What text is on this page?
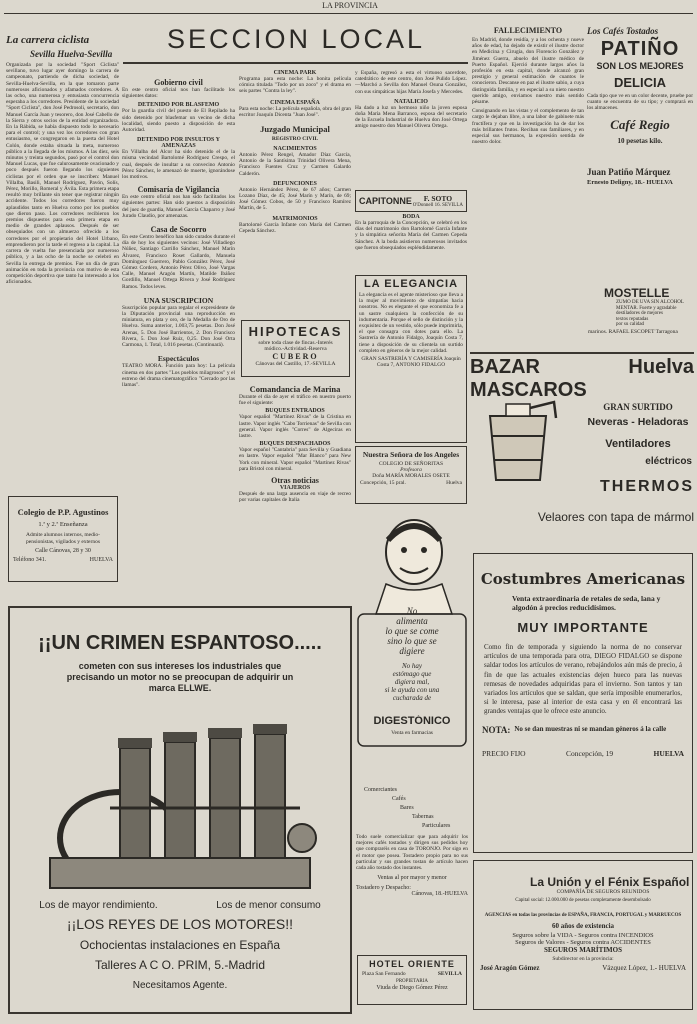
LA PROVINCIA
La carrera ciclista
Sevilla Huelva-Sevilla
Organizada por la sociedad "Sport Ciclista" sevillano, tuvo lugar ayer domingo la carrera de campeonato, partiendo de dicha sociedad, de Sevilla-Huelva-Sevilla, en la que tomaron parte numerosos aficionados y afamados corredores. A las ocho, una numerosa y entusiasta concurrencia esperaba a los corredores. Presidente de la sociedad "Sport Ciclista", don José Pedrosoli, secretario, don Manuel García Juan y tesorero, don José Cabello de la Sierra y otros socios de la entidad organizadora. En la Rábida, se había dispuesto todo lo necesario para el control; y una vez los corredores con gran entusiasmo, se congregaron en la puerta del Hotel Colón, donde estaba situada la meta, numeroso público a la llegada de los mismos. A las diez, seis minutos y treinta segundos, pasó por el control don Manuel Lucas, que fue calurosamente ovacionado y poco después fueron llegando los siguientes ciclistas por el orden que se inscriben: Manuel Villalba, Basili, Manuel Rodríguez, Pavón, Solís, Pérez, Morillo, Romeral y Ávila. Esta primera etapa resultó muy brillante sin tener que registrar ningún accidente. Todos los corredores fueron muy aplaudidos tanto en Huelva como por los pueblos que dieron paso. Los corredores recibieron los premios dispuestos para esta primera etapa en medio de grandes aplausos. Después de ser obsequiados con un almuerzo ofrecido a los corredores por el propietario del Hotel Urbano, emprendieron por la tarde el regreso a la capital. La carrera de vuelta fue presenciada por numeroso público, y a las ocho de la noche se celebró en Sevilla la entrega de premios. Fue un día de gran animación en toda la provincia con motivo de esta competición deportiva que tanto ha interesado a los aficionados.
Colegio de P.P. Agustinos
1.ª y 2.ª Enseñanza
Admite alumnos internos, medio-pensionistas, vigilados y externos
Calle Cánovas, 28 y 30
Teléfono 341.	HUELVA
SECCION LOCAL
Gobierno civil
En este centro oficial nos han facilitado los siguientes datos:
DETENIDO POR BLASFEMO
Por la guardia civil del puesto de El Repilado ha sido detenido por blasfemar un vecino de dicha localidad, siendo puesto a disposición de esta Autoridad.
DETENIDO POR INSULTOS Y AMENAZAS
En Villalba del Alcor ha sido detenido el de la misma vecindad Bartolomé Rodríguez Crespo, el cual, después de insultar a su convecino Antonio Pérez Sánchez, le amenazó de muerte, ignorándose los motivos.
Comisaría de Vigilancia
En este centro oficial nos han sido facilitados los siguientes partes: Han sido puestos a disposición del juez de guardia, Manuel García Chaparro y José Jurado Claudio, por amenazas.
Casa de Socorro
En este Centro benéfico han sido curados durante el día de hoy los siguientes vecinos: José Villadiego Núñez, Santiago Carrillo Sánchez, Manuel Marín Álvarez, Francisco Roset Gallardo, Manuela Domínguez Guerrero, Pablo González Pérez, José Gómez Cordero, Antonio Pérez Olivo, José Vargas Calle, Manuel Aragón Martín, Matilde Ibáñez Gordillo, Manuel Ortega Rivera y José Rodríguez Ramos. Todos leves.
UNA SUSCRIPCION
Suscripción popular para regalar el expresidente de la Diputación provincial una reproducción en miniatura, en plata y oro, de la Medalla de Oro de Huelva. Suma anterior, 1.003,75 pesetas. Don José Arenas, 5. Don José Barrientos, 2. Don Francisco Rivera, 5. Don José Ruiz, 0,25. Don José Orta Carmona, 1. Total, 1.016 pesetas. (Continuará).
Espectáculos
TEATRO MORA. Función para hoy: La película cinema en dos partes "Los pueblos milagrosos" y el estreno del drama cinematográfico "Cercado por las llamas".
CINEMA PARK
Programa para esta noche: La bonita película cómica titulada "Todo por un zoco" y el drama en seis partes "Contra la ley".
CINEMA ESPAÑA
Para esta noche: La película española, obra del gran escritor Joaquín Dicenta "Juan José".
Juzgado Municipal
REGISTRO CIVIL
NACIMIENTOS
Antonio Pérez Rengel, Amador Díaz García, Antonio de la Santísima Trinidad Olivera Mena, Francisco Fuentes Cruz y Carmen Galardo Calderón.
DEFUNCIONES
Antonio Hernández Pérez, de 67 años; Carmen Lozano Díaz, de 45; José Marín y Marín, de 69; José Gómez Cobos, de 50 y Francisco Ramírez Martín, de 5.
MATRIMONIOS
Bartolomé García Infante con María del Carmen Cepeda Sánchez.
HIPOTECAS
sobre toda clase de fincas.-Interés
módico.-Actividad.-Reserva
CUBERO
Cánovas del Castillo, 17.-SEVILLA
Comandancia de Marina
Durante el día de ayer el tráfico en nuestro puerto fue el siguiente:
BUQUES ENTRADOS
Vapor español "Martínez Rivas" de la Cristina en lastre. Vapor inglés "Cabo Torrienas" de Sevilla con general. Vapor inglés "Corres" de Algeciras en lastre.
BUQUES DESPACHADOS
Vapor español "Cantabria" para Sevilla y Guadiana en lastre. Vapor español "Mar Blanco" para New York con mineral. Vapor español "Martínez Rivas" para Bristol con mineral.
Otras noticias
VIAJEROS
Después de una larga ausencia en viaje de recreo por varias capitales de Italia
y España, regresó a esta el virtuoso sacerdote, catedrático de este centro, don José Pulido López. —Marchó a Sevilla don Manuel Osuna González, con sus simpáticas hijas María Josefa y Mercedes.
NATALICIO
Ha dado a luz un hermoso niño la joven esposa doña María Mena Barranco, esposa del secretario de la Escuela Industrial de Huelva don José Ortega amigo nuestro don Manuel Olivera Ortega.
CAPITONNE	F. SOTO
O'Donnell 16. SEVILLA
BODA
En la parroquia de la Concepción, se celebró en los días del matrimonio don Bartolomé García Infante y la simpática señorita María del Carmen Cepeda Sánchez. A la boda asistieron numerosos invitados que fueron obsequiados espléndidamente.
LA ELEGANCIA
La elegancia es el agente misterioso que lleva a la mujer al movimiento de simpatías hacia nosotros. No es elegante el que economiza fe a un sastre cualquiera la confección de su indumentaria. Porque el sello de distinción y la exquisitez de un vestido, sólo puede imprimirla, el que consagra con dotes para ello. La Sastrería de Antonio Fidalgo, Joaquín Costa 7, tiene a disposición de su clientela un surtido completo en géneros de la mejor calidad.
GRAN SASTRERÍA Y CAMISERÍA Joaquín Costa 7, ANTONIO FIDALGO
Nuestra Señora de los Angeles
COLEGIO DE SEÑORITAS
Profesora
Doña MARÍA MORALES OSETE
Concepción, 15 pral.	Huelva
No
alimenta
lo que se come
sino lo que se
digiere
No hay
estómago que
digiera mal,
si le ayuda con una
cucharada de
DIGESTÓNICO
Venta en farmacias
Comerciantes
Cafés
Bares
Tabernas
Particulares
Todo suele comercializar que para adquirir los mejores cafés tostados y dirigen sus pedidos hoy que compraréis en casa de TORONJO. Por sigo en el motor que posea. Tostadero propio para no sus particular y sus grandes tostan de artículo hacen cada año tostado dos instantes.
Ventas al por mayor y menor
Tostadero y Despacho:
Cánovas, 18.-HUELVA
HOTEL ORIENTE
Plaza San Fernando	SEVILLA
PROPIETARIA
Viuda de Diego Gómez Pérez
FALLECIMIENTO
En Madrid, donde residía, y a los ochenta y nueve años de edad, ha dejado de existir el ilustre doctor en Medicina y Cirugía, don Florencio González y Jiménez Guerra, abuelo del ilustre médico de Puerto Español. Ejerció durante largos años la profesión en esta capital, donde alcanzó gran prestigio y general estimación de cuantos le conocieron. Descanse en paz el ilustre sabio, a cuya distinguida familia, y en especial a su nieto nuestro querido amigo, enviamos nuestro más sentido pésame.
Consignando en las vistas y el complemento de tan cargo le dejaban libre, a una labor de gabinete más fructífera y que en la investigación ha de dar los más brillantes frutos. Reciban sus familiares, y en especial sus hermanos, la expresión sentida de nuestro dolor.
Los Cafés Tostados
PATIÑO
SON LOS MEJORES
DELICIA
Cada tipo que ve en un color decente, pruebe por cuanto se encuentra de su tipo; y comprará en los almacenes.
Café Regio
10 pesetas kilo.
Juan Patiño Márquez
Ernesto Deligny, 18.- HUELVA
MOSTELLE
ZUMO DE UVA SIN ALCOHOL
MENTAR. Fuerte y agradable
destiladores de mejores
textos reputadas
por su calidad
marinos. RAFAEL ESCOPET Tarragona
BAZAR MASCAROS
Huelva
GRAN SURTIDO
Neveras - Heladoras
Ventiladores
eléctricos
THERMOS
Velaores con tapa de mármol
Costumbres Americanas
Venta extraordinaria de retales de seda, lana y algodón á precios reducidísimos.
MUY IMPORTANTE
Como fin de temporada y siguiendo la norma de no conservar artículos de una temporada para otra, DIEGO FIDALGO se dispone saldar todos los artículos de verano, rebajándolos aún más de precio, á fin de que las actuales existencias dejen hueco para las nuevas remesas de novedades adquiridas para el invierno. Son tantos y tan variados los artículos que se saldan, que sería imposible enumerarlos, si le interesa, pase al interior de esta casa y en él encontrará las grandes ventajas que le ofrece este anuncio.
NOTA: No se dan muestras ni se mandan géneros á la calle
PRECIO FIJO	Concepción, 19	HUELVA
La Unión y el Fénix Español
COMPAÑÍA DE SEGUROS REUNIDOS
Capital social: 12.000.000 de pesetas completamente desembolsado
AGENCIAS en todas las provincias de ESPAÑA, FRANCIA, PORTUGAL y MARRUECOS
60 años de existencia
Seguros sobre la VIDA - Seguros contra INCENDIOS
Seguros de Valores - Seguros contra ACCIDENTES
SEGUROS MARÍTIMOS
Subdirector en la provincia:
José Aragón Gómez	Vázquez López, 1.- HUELVA
¡¡UN CRIMEN ESPANTOSO.....
cometen con sus intereses los industriales que
precisando un motor no se preocupan de adquirir un
marca ELLWE.
Los de mayor rendimiento.	Los de menor consumo
¡¡LOS REYES DE LOS MOTORES!!
Ochocientas instalaciones en España
Talleres A C O. PRIM, 5.-Madrid
Necesitamos Agente.
